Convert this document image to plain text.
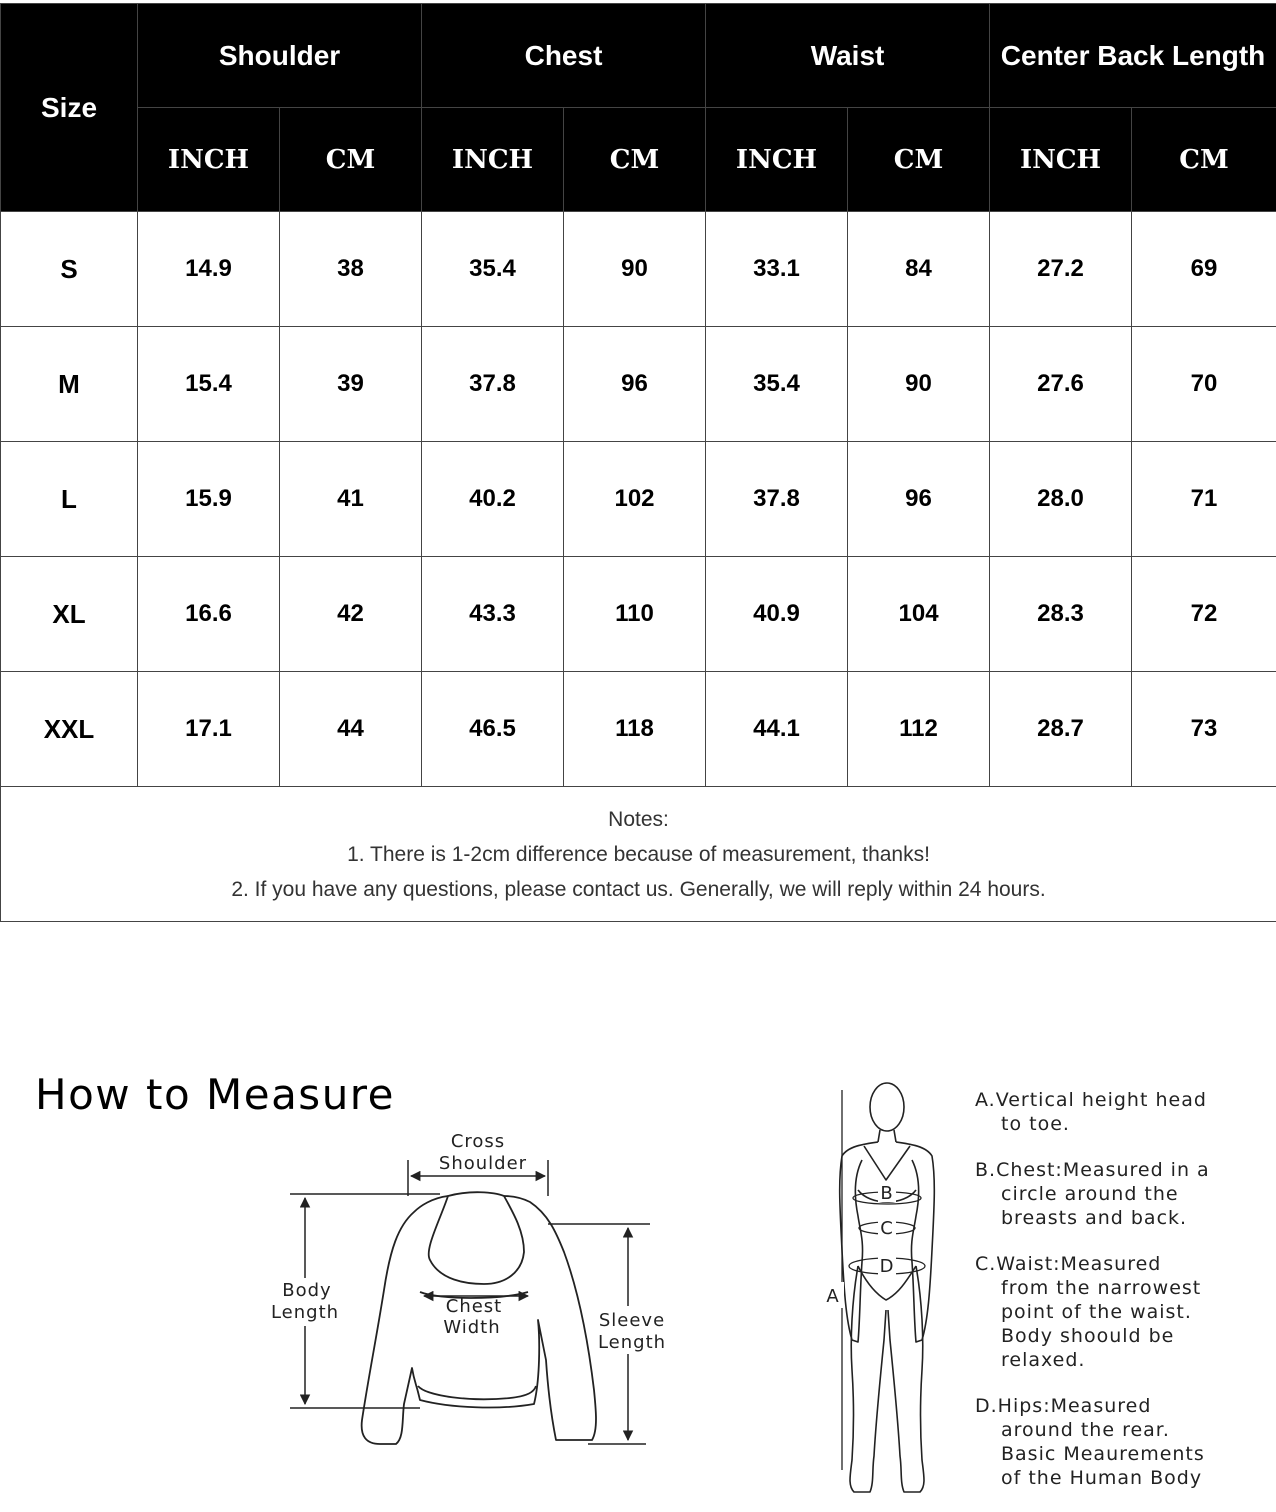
Size	Shoulder		Chest		Waist		Center Back Length	
	INCH	CM	INCH	CM	INCH	CM	INCH	CM
S	14.9	38	35.4	90	33.1	84	27.2	69
M	15.4	39	37.8	96	35.4	90	27.6	70
L	15.9	41	40.2	102	37.8	96	28.0	71
XL	16.6	42	43.3	110	40.9	104	28.3	72
XXL	17.1	44	46.5	118	44.1	112	28.7	73

Notes:
1. There is 1-2cm difference because of measurement, thanks!
2. If you have any questions, please contact us. Generally, we will reply within 24 hours.								
How to Measure
Cross
Shoulder
Body
Length	Chest
Width	Sleeve
Length
A
B
C
D
A.Vertical height head
to toe.
B.Chest:Measured in a
circle around the
breasts and back.
C.Waist:Measured
from the narrowest
point of the waist.
Body shoould be
relaxed.
D.Hips:Measured
around the rear.
Basic Meaurements
of the Human Body
